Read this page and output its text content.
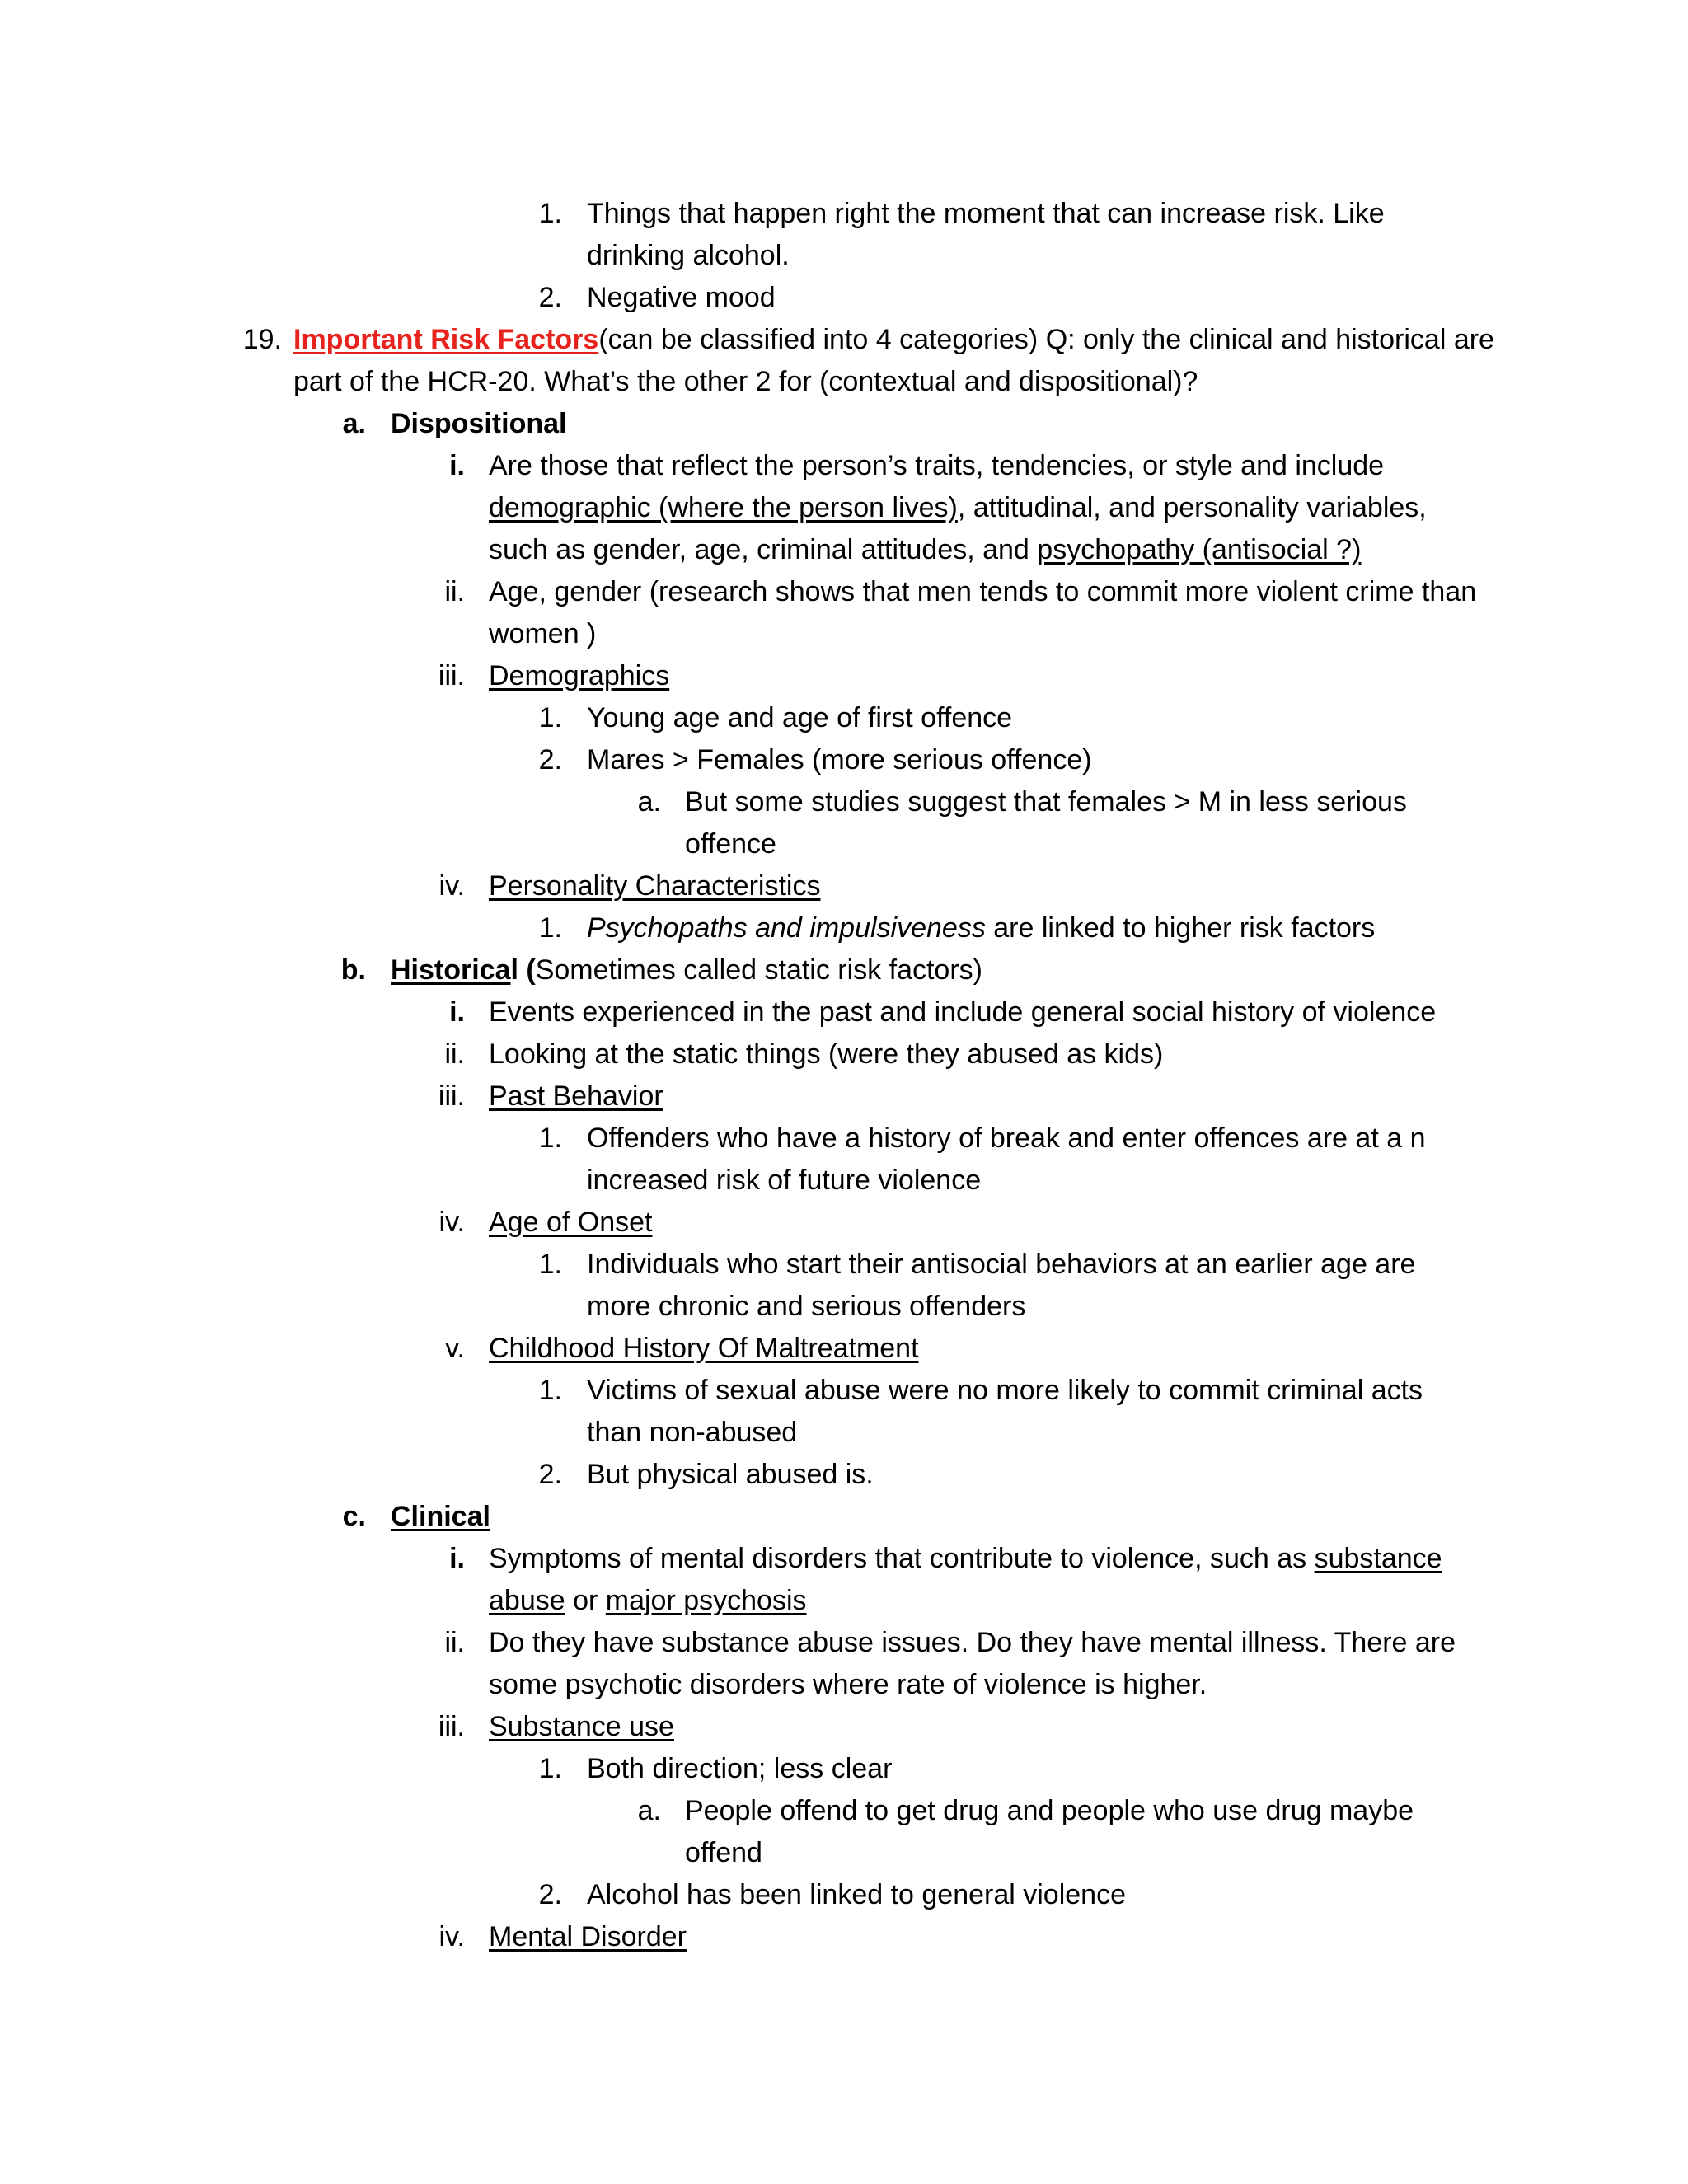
1. Things that happen right the moment that can increase risk. Like
drinking alcohol.
2. Negative mood
19. Important Risk Factors(can be classified into 4 categories) Q: only the clinical and historical are
part of the HCR-20. What’s the other 2 for (contextual and dispositional)?
a. Dispositional
i. Are those that reflect the person’s traits, tendencies, or style and include
demographic (where the person lives), attitudinal, and personality variables,
such as gender, age, criminal attitudes, and psychopathy (antisocial ?)
ii. Age, gender (research shows that men tends to commit more violent crime than
women )
iii. Demographics
1. Young age and age of first offence
2. Mares > Females (more serious offence)
a. But some studies suggest that females > M in less serious
offence
iv. Personality Characteristics
1. Psychopaths and impulsiveness are linked to higher risk factors
b. Historical (Sometimes called static risk factors)
i. Events experienced in the past and include general social history of violence
ii. Looking at the static things (were they abused as kids)
iii. Past Behavior
1. Offenders who have a history of break and enter offences are at a n
increased risk of future violence
iv. Age of Onset
1. Individuals who start their antisocial behaviors at an earlier age are
more chronic and serious offenders
v. Childhood History Of Maltreatment
1. Victims of sexual abuse were no more likely to commit criminal acts
than non-abused
2. But physical abused is.
c. Clinical
i. Symptoms of mental disorders that contribute to violence, such as substance
abuse or major psychosis
ii. Do they have substance abuse issues. Do they have mental illness. There are
some psychotic disorders where rate of violence is higher.
iii. Substance use
1. Both direction; less clear
a. People offend to get drug and people who use drug maybe
offend
2. Alcohol has been linked to general violence
iv. Mental Disorder
